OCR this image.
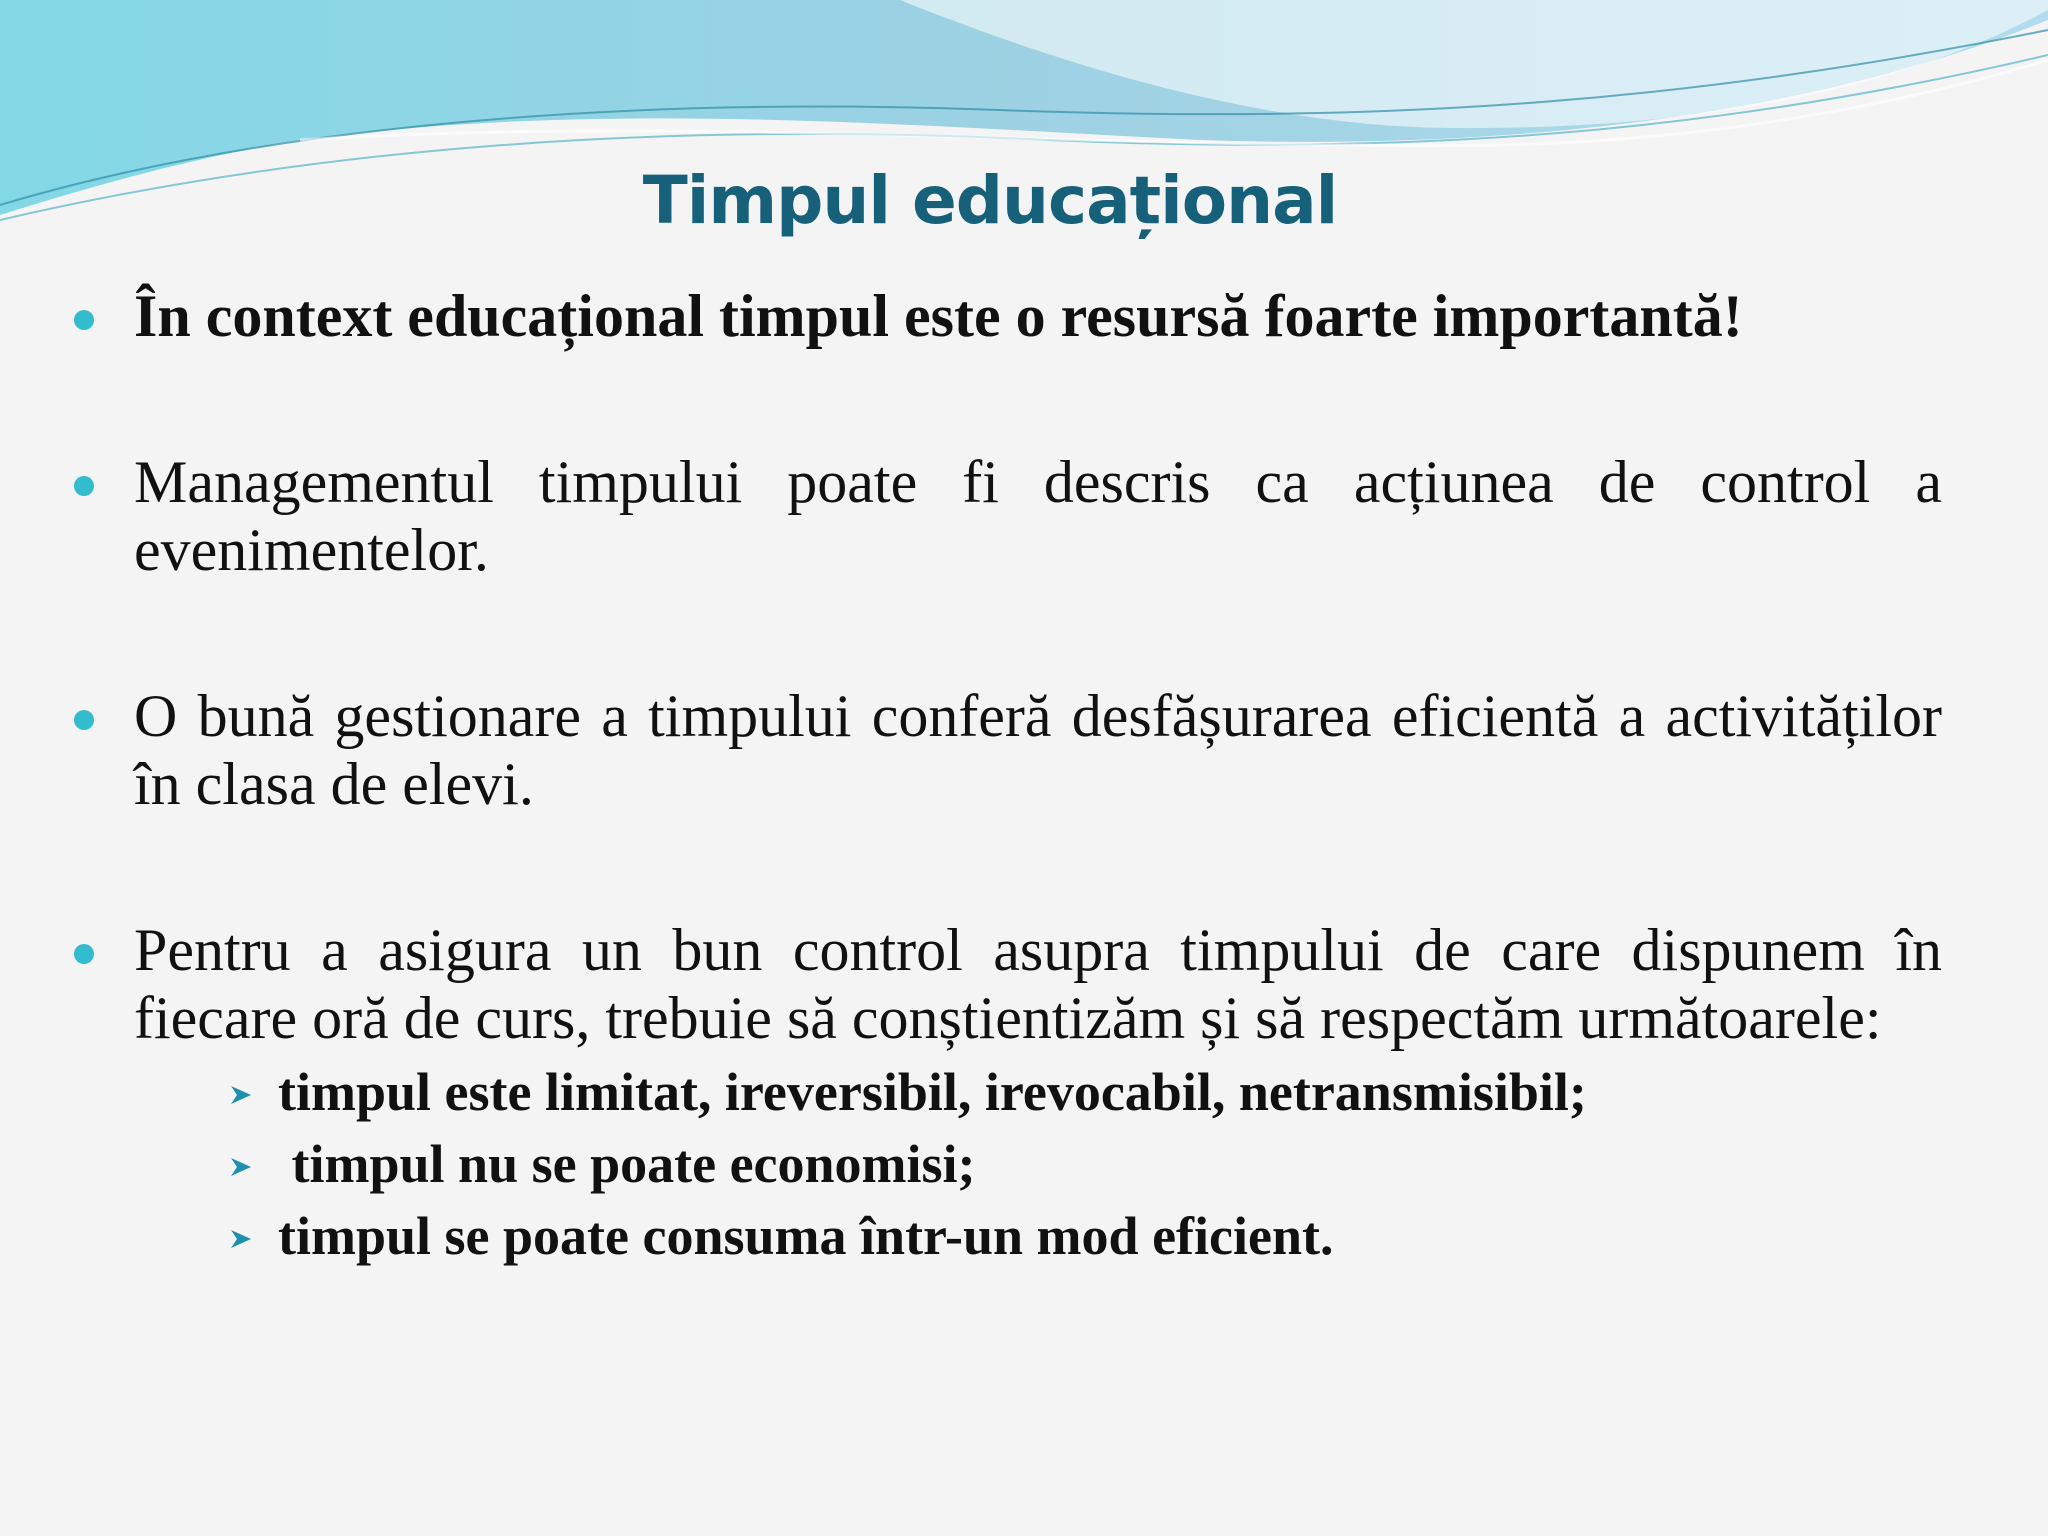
Timpul educațional

În context educațional timpul este o resursă foarte importantă!

Managementul timpului poate fi descris ca acțiunea de control a evenimentelor.

O bună gestionare a timpului conferă desfășurarea eficientă a activităților în clasa de elevi.

Pentru a asigura un bun control asupra timpului de care dispunem în fiecare oră de curs, trebuie să conștientizăm și să respectăm următoarele:

timpul este limitat, ireversibil, irevocabil, netransmisibil;
timpul nu se poate economisi;
timpul se poate consuma într-un mod eficient.
